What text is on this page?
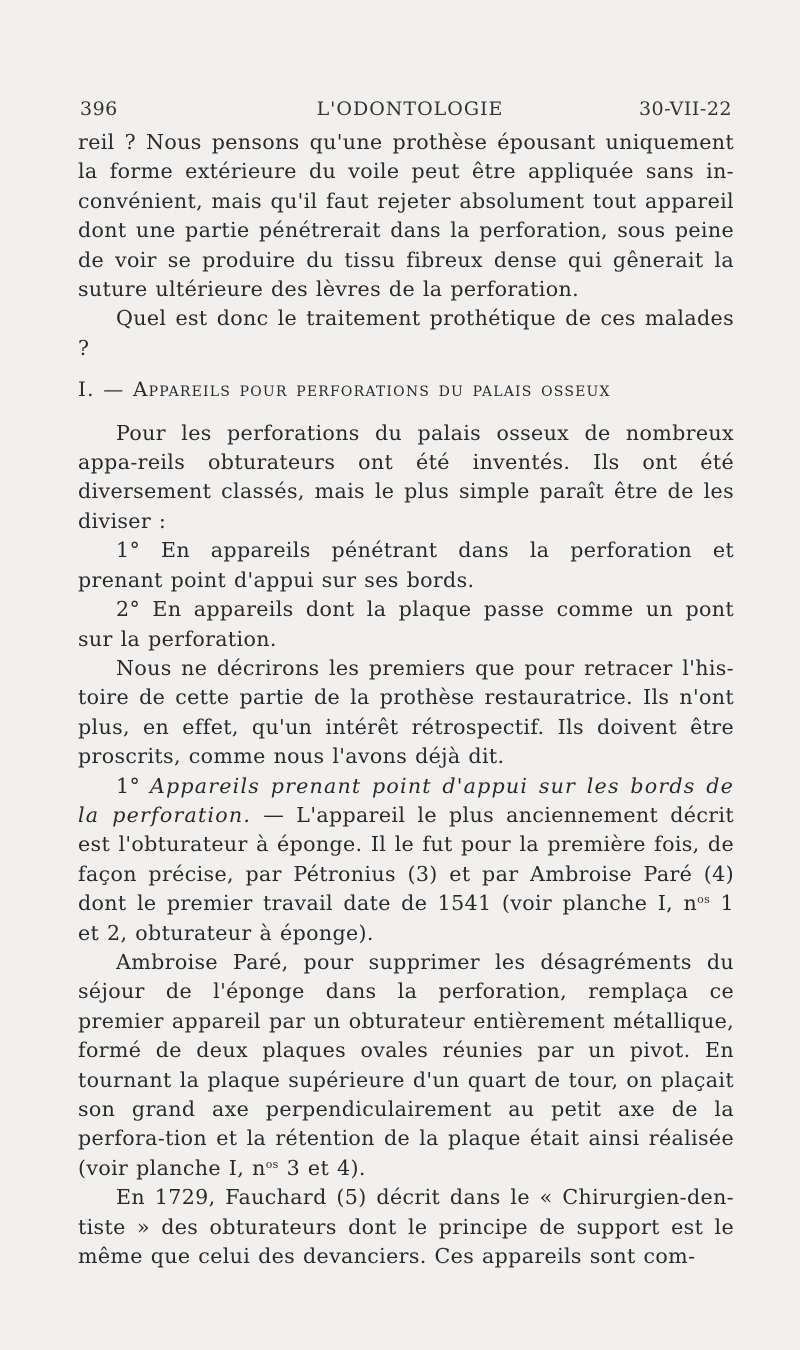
396	L'ODONTOLOGIE	30-VII-22

reil ? Nous pensons qu'une prothèse épousant uniquement la forme extérieure du voile peut être appliquée sans in-convénient, mais qu'il faut rejeter absolument tout appareil dont une partie pénétrerait dans la perforation, sous peine de voir se produire du tissu fibreux dense qui gênerait la suture ultérieure des lèvres de la perforation.

Quel est donc le traitement prothétique de ces malades ?

I. — Appareils pour perforations du palais osseux

Pour les perforations du palais osseux de nombreux appa-reils obturateurs ont été inventés. Ils ont été diversement classés, mais le plus simple paraît être de les diviser :

1° En appareils pénétrant dans la perforation et prenant point d'appui sur ses bords.

2° En appareils dont la plaque passe comme un pont sur la perforation.

Nous ne décrirons les premiers que pour retracer l'his-toire de cette partie de la prothèse restauratrice. Ils n'ont plus, en effet, qu'un intérêt rétrospectif. Ils doivent être proscrits, comme nous l'avons déjà dit.

1° Appareils prenant point d'appui sur les bords de la perforation. — L'appareil le plus anciennement décrit est l'obturateur à éponge. Il le fut pour la première fois, de façon précise, par Pétronius (3) et par Ambroise Paré (4) dont le premier travail date de 1541 (voir planche I, $n^{os}$ 1 et 2, obturateur à éponge).

Ambroise Paré, pour supprimer les désagréments du séjour de l'éponge dans la perforation, remplaça ce premier appareil par un obturateur entièrement métallique, formé de deux plaques ovales réunies par un pivot. En tournant la plaque supérieure d'un quart de tour, on plaçait son grand axe perpendiculairement au petit axe de la perfora-tion et la rétention de la plaque était ainsi réalisée (voir planche I, $n^{os}$ 3 et 4).

En 1729, Fauchard (5) décrit dans le « Chirurgien-den-tiste » des obturateurs dont le principe de support est le même que celui des devanciers. Ces appareils sont com-
